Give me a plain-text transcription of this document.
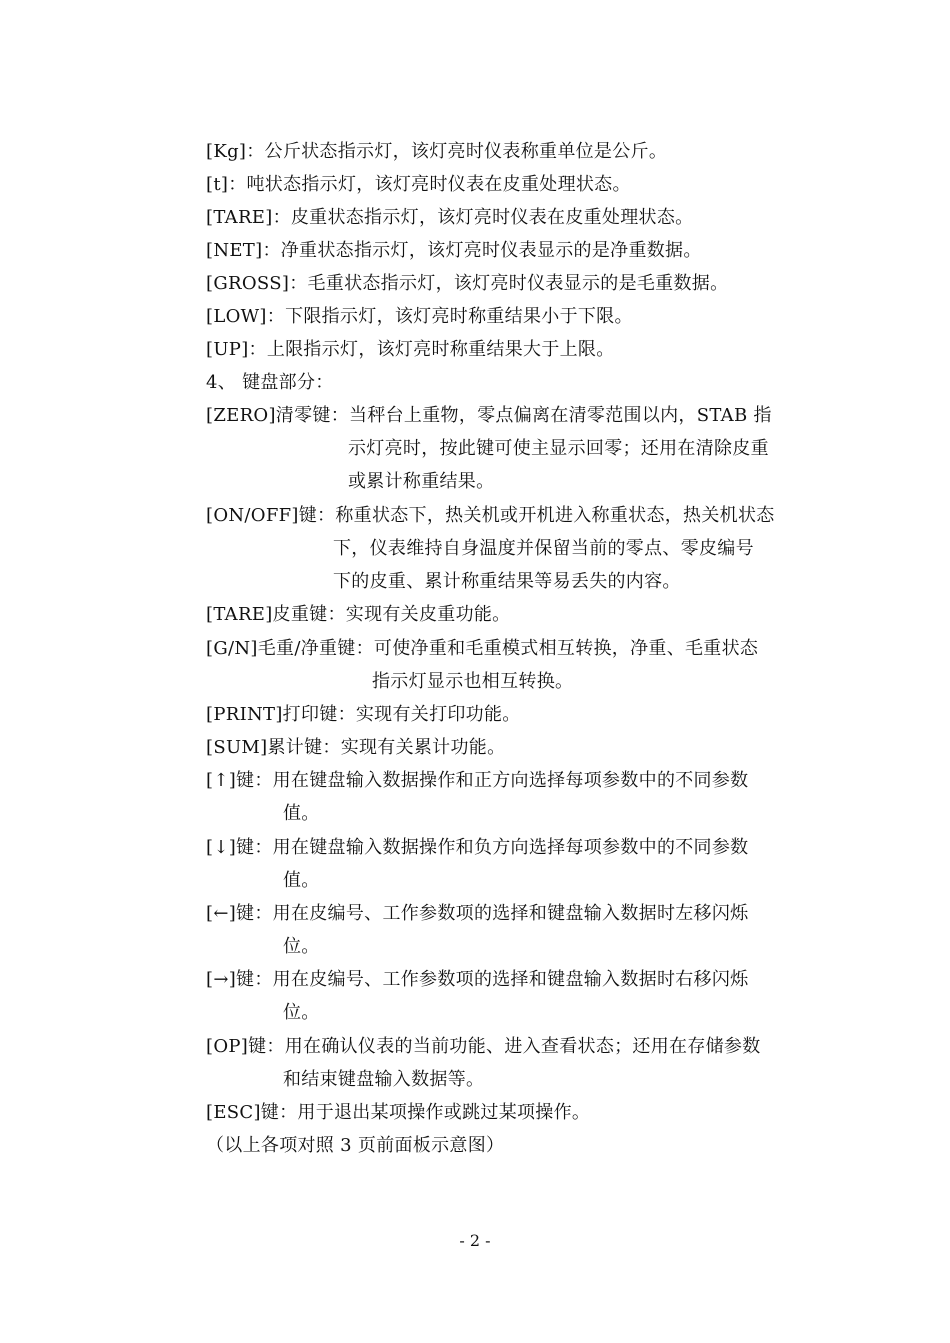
[Kg]：公斤状态指示灯，该灯亮时仪表称重单位是公斤。
[t]：吨状态指示灯，该灯亮时仪表在皮重处理状态。
[TARE]：皮重状态指示灯，该灯亮时仪表在皮重处理状态。
[NET]：净重状态指示灯，该灯亮时仪表显示的是净重数据。
[GROSS]：毛重状态指示灯，该灯亮时仪表显示的是毛重数据。
[LOW]：下限指示灯，该灯亮时称重结果小于下限。
[UP]：上限指示灯，该灯亮时称重结果大于上限。
4、 键盘部分：
[ZERO]清零键：当秤台上重物，零点偏离在清零范围以内，STAB 指
示灯亮时，按此键可使主显示回零；还用在清除皮重
或累计称重结果。
[ON/OFF]键：称重状态下，热关机或开机进入称重状态，热关机状态
下，仪表维持自身温度并保留当前的零点、零皮编号
下的皮重、累计称重结果等易丢失的内容。
[TARE]皮重键：实现有关皮重功能。
[G/N]毛重/净重键：可使净重和毛重模式相互转换，净重、毛重状态
指示灯显示也相互转换。
[PRINT]打印键：实现有关打印功能。
[SUM]累计键：实现有关累计功能。
[↑]键：用在键盘输入数据操作和正方向选择每项参数中的不同参数
值。
[↓]键：用在键盘输入数据操作和负方向选择每项参数中的不同参数
值。
[←]键：用在皮编号、工作参数项的选择和键盘输入数据时左移闪烁
位。
[→]键：用在皮编号、工作参数项的选择和键盘输入数据时右移闪烁
位。
[OP]键：用在确认仪表的当前功能、进入查看状态；还用在存储参数
和结束键盘输入数据等。
[ESC]键：用于退出某项操作或跳过某项操作。
（以上各项对照 3 页前面板示意图）
- 2 -
